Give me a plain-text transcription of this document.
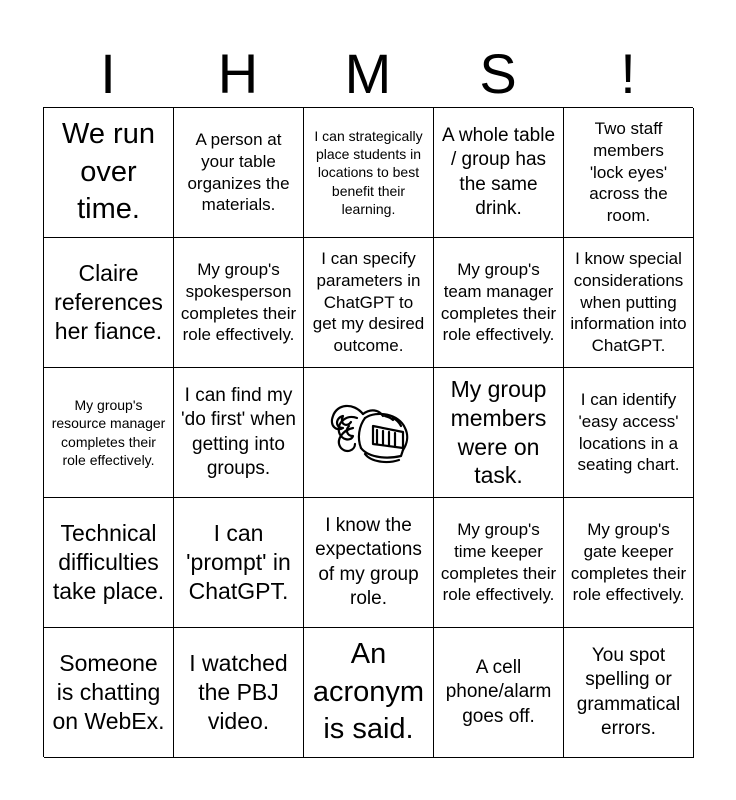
I	H	M	S	!
We run over time.
A person at your table organizes the materials.
I can strategically place students in locations to best benefit their learning.
A whole table / group has the same drink.
Two staff members 'lock eyes' across the room.
Claire references her fiance.
My group's spokesperson completes their role effectively.
I can specify parameters in ChatGPT to get my desired outcome.
My group's team manager completes their role effectively.
I know special considerations when putting information into ChatGPT.
My group's resource manager completes their role effectively.
I can find my 'do first' when getting into groups.
My group members were on task.
I can identify 'easy access' locations in a seating chart.
Technical difficulties take place.
I can 'prompt' in ChatGPT.
I know the expectations of my group role.
My group's time keeper completes their role effectively.
My group's gate keeper completes their role effectively.
Someone is chatting on WebEx.
I watched the PBJ video.
An acronym is said.
A cell phone/alarm goes off.
You spot spelling or grammatical errors.
